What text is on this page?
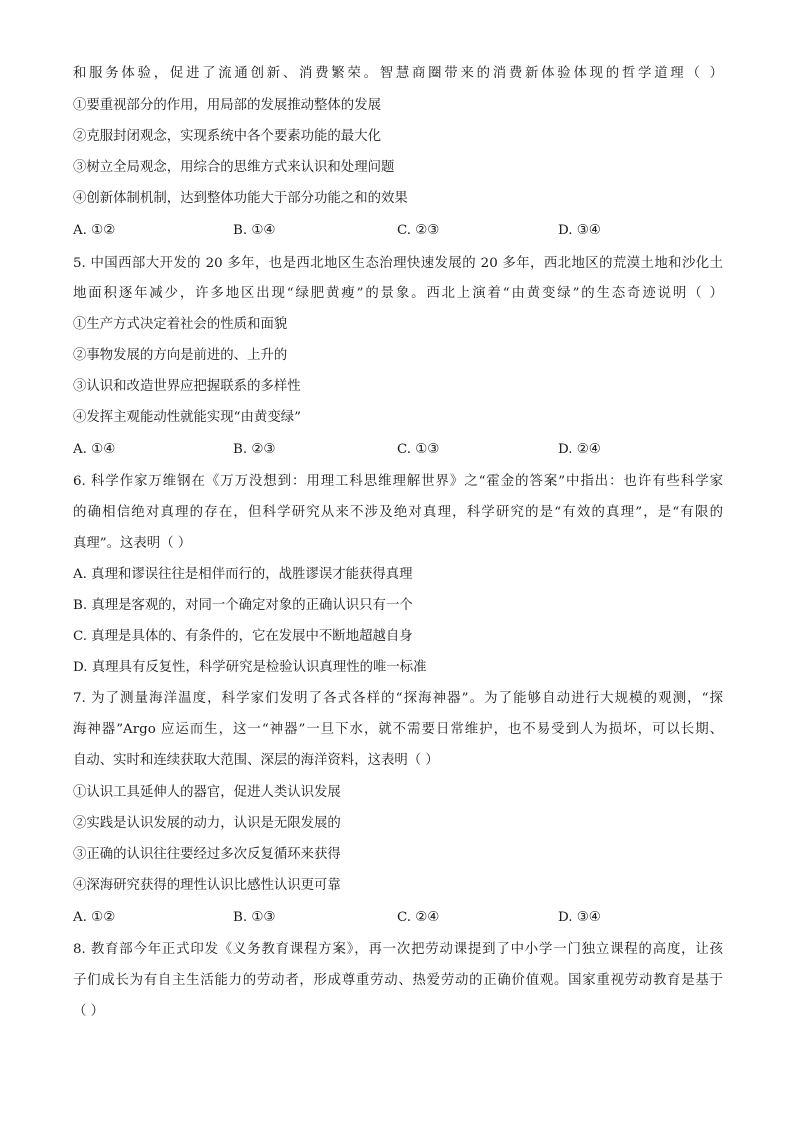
和服务体验，促进了流通创新、消费繁荣。智慧商圈带来的消费新体验体现的哲学道理（ ）
①要重视部分的作用，用局部的发展推动整体的发展
②克服封闭观念，实现系统中各个要素功能的最大化
③树立全局观念，用综合的思维方式来认识和处理问题
④创新体制机制，达到整体功能大于部分功能之和的效果
A. ①②	B. ①④	C. ②③	D. ③④
5. 中国西部大开发的 20 多年，也是西北地区生态治理快速发展的 20 多年，西北地区的荒漠土地和沙化土
地面积逐年减少，许多地区出现“绿肥黄瘦”的景象。西北上演着“由黄变绿”的生态奇迹说明（ ）
①生产方式决定着社会的性质和面貌
②事物发展的方向是前进的、上升的
③认识和改造世界应把握联系的多样性
④发挥主观能动性就能实现“由黄变绿”
A. ①④	B. ②③	C. ①③	D. ②④
6. 科学作家万维钢在《万万没想到：用理工科思维理解世界》之“霍金的答案”中指出：也许有些科学家
的确相信绝对真理的存在，但科学研究从来不涉及绝对真理，科学研究的是“有效的真理”，是“有限的
真理”。这表明（ ）
A. 真理和谬误往往是相伴而行的，战胜谬误才能获得真理
B. 真理是客观的，对同一个确定对象的正确认识只有一个
C. 真理是具体的、有条件的，它在发展中不断地超越自身
D. 真理具有反复性，科学研究是检验认识真理性的唯一标准
7. 为了测量海洋温度，科学家们发明了各式各样的“探海神器”。为了能够自动进行大规模的观测，“探
海神器”Argo 应运而生，这一“神器”一旦下水，就不需要日常维护，也不易受到人为损坏，可以长期、
自动、实时和连续获取大范围、深层的海洋资料，这表明（ ）
①认识工具延伸人的器官，促进人类认识发展
②实践是认识发展的动力，认识是无限发展的
③正确的认识往往要经过多次反复循环来获得
④深海研究获得的理性认识比感性认识更可靠
A. ①②	B. ①③	C. ②④	D. ③④
8. 教育部今年正式印发《义务教育课程方案》，再一次把劳动课提到了中小学一门独立课程的高度，让孩
子们成长为有自主生活能力的劳动者，形成尊重劳动、热爱劳动的正确价值观。国家重视劳动教育是基于
（ ）
